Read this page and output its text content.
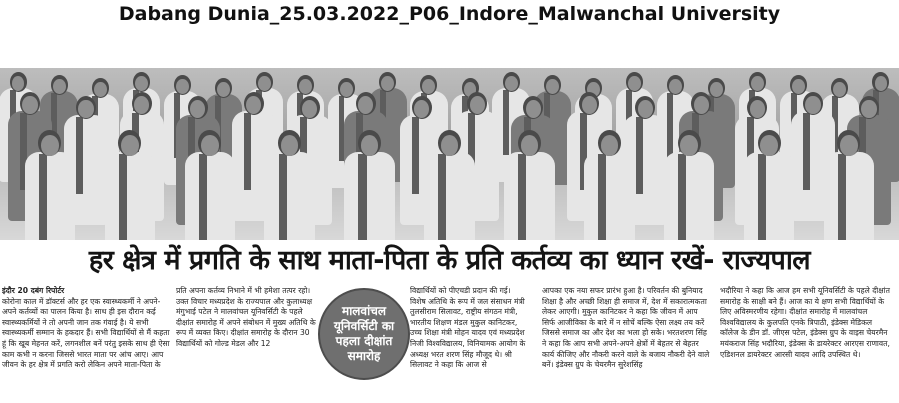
Dabang Dunia_25.03.2022_P06_Indore_Malwanchal University
हर क्षेत्र में प्रगति के साथ माता-पिता के प्रति कर्तव्य का ध्यान रखें- राज्यपाल
इंदौर 20 दबंग रिपोर्टर
कोरोना काल में डॉक्टर्स और हर एक स्वास्थ्यकर्मी ने अपने-अपने कर्तव्यों का पालन किया है। साथ ही इस दौरान कई स्वास्थ्यकर्मियों ने तो अपनी जान तक गंवाई है। ये सभी स्वास्थ्यकर्मी सम्मान के हकदार हैं। सभी विद्यार्थियों से मैं कहता हूं कि खूब मेहनत करें, लगनशील बनें परंतु इसके साथ ही ऐसा काम कभी न करना जिससे भारत माता पर आंच आए। आप जीवन के हर क्षेत्र में प्रगति करो लेकिन अपने माता-पिता के
प्रति अपना कर्तव्य निभाने में भी हमेशा तत्पर रहो। उक्त विचार मध्यप्रदेश के राज्यपाल और कुलाध्यक्ष मंगुभाई पटेल ने मालवांचल यूनिवर्सिटी के पहले दीक्षांत समारोह में अपने संबोधन में मुख्य अतिथि के रूप में व्यक्त किए। दीक्षांत समारोह के दौरान 30 विद्यार्थियों को गोल्ड मेडल और 12
मालवांचल यूनिवर्सिटी का पहला दीक्षांत समारोह
विद्यार्थियों को पीएचडी प्रदान की गई। विशेष अतिथि के रूप में जल संसाधन मंत्री तुलसीराम सिलावट, राष्ट्रीय संगठन मंत्री, भारतीय शिक्षण मंडल मुकुल कानिटकर, उच्च शिक्षा मंत्री मोहन यादव एवं मध्यप्रदेश निजी विश्वविद्यालय, विनियामक आयोग के अध्यक्ष भरत शरण सिंह मौजूद थे। श्री सिलावट ने कहा कि आज से
आपका एक नया सफर प्रारंभ हुआ है। परिवर्तन की बुनियाद शिक्षा है और अच्छी शिक्षा ही समाज में, देश में सकारात्मकता लेकर आएगी। मुकुल कानिटकर ने कहा कि जीवन में आप सिर्फ आजीविका के बारे में न सोचें बल्कि ऐसा लक्ष्य तय करें जिससे समाज का और देश का भला हो सके। भरतशरण सिंह ने कहा कि आप सभी अपने-अपने क्षेत्रों में बेहतर से बेहतर कार्य कीजिए और नौकरी करने वाले के बजाय नौकरी देने वाले बनें। इंडेक्स ग्रुप के चेयरमैन सुरेशसिंह
भदौरिया ने कहा कि आज हम सभी यूनिवर्सिटी के पहले दीक्षांत समारोह के साक्षी बने हैं। आज का ये क्षण सभी विद्यार्थियों के लिए अविस्मरणीय रहेगा। दीक्षांत समारोह में मालवांचल विश्वविद्यालय के कुलपति एनके त्रिपाठी, इंडेक्स मेडिकल कॉलेज के डीन डॉ. जीएस पटेल, इंडेक्स ग्रुप के वाइस चेयरमैन मयंकराज सिंह भदौरिया, इंडेक्स के डायरेक्टर आरएस राणावत, एडिशनल डायरेक्टर आरसी यादव आदि उपस्थित थे।
